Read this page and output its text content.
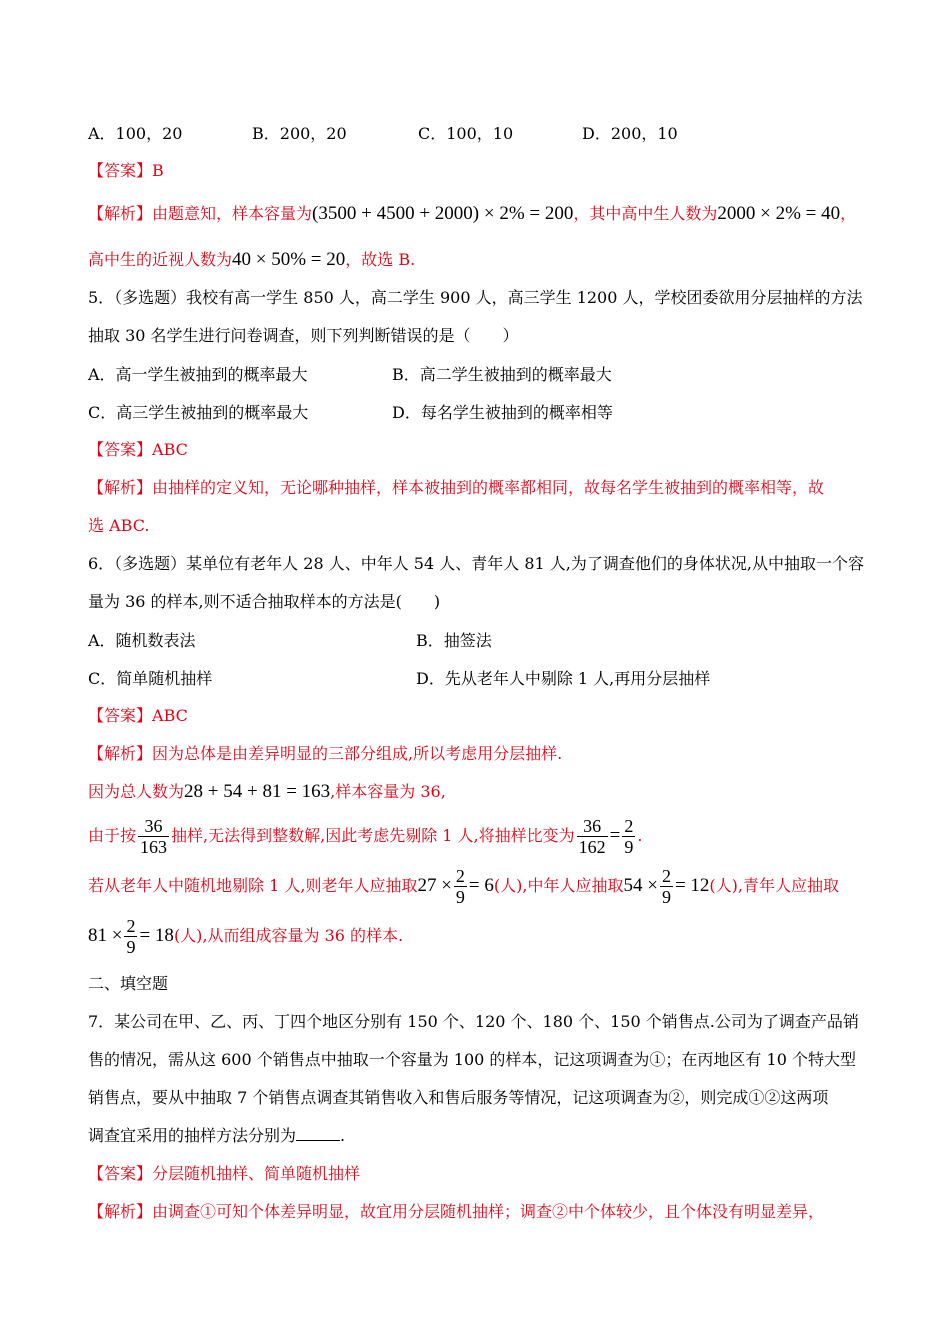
A．100，20	B．200，20	C．100，10	D．200，10
【答案】B
【解析】由题意知，样本容量为(3500 + 4500 + 2000) × 2% = 200，其中高中生人数为2000 × 2% = 40，
高中生的近视人数为40 × 50% = 20，故选 B.
5．（多选题）我校有高一学生 850 人，高二学生 900 人，高三学生 1200 人，学校团委欲用分层抽样的方法
抽取 30 名学生进行问卷调查，则下列判断错误的是（　　）
A．高一学生被抽到的概率最大	B．高二学生被抽到的概率最大
C．高三学生被抽到的概率最大	D．每名学生被抽到的概率相等
【答案】ABC
【解析】由抽样的定义知，无论哪种抽样，样本被抽到的概率都相同，故每名学生被抽到的概率相等，故
选 ABC.
6．（多选题）某单位有老年人 28 人、中年人 54 人、青年人 81 人,为了调查他们的身体状况,从中抽取一个容
量为 36 的样本,则不适合抽取样本的方法是(　　)
A．随机数表法	B．抽签法
C．简单随机抽样	D．先从老年人中剔除 1 人,再用分层抽样
【答案】ABC
【解析】因为总体是由差异明显的三部分组成,所以考虑用分层抽样.
因为总人数为28 + 54 + 81 = 163,样本容量为 36,
由于按 $\frac{36}{163}$ 抽样,无法得到整数解,因此考虑先剔除 1 人,将抽样比变为 $\frac{36}{162} = \frac{2}{9}$ .
若从老年人中随机地剔除 1 人,则老年人应抽取$27 \times \frac{2}{9} = 6$(人),中年人应抽取$54 \times \frac{2}{9} = 12$(人),青年人应抽取
$81 \times \frac{2}{9} = 18$(人),从而组成容量为 36 的样本.
二、填空题
7．某公司在甲、乙、丙、丁四个地区分别有 150 个、120 个、180 个、150 个销售点.公司为了调查产品销
售的情况，需从这 600 个销售点中抽取一个容量为 100 的样本，记这项调查为①；在丙地区有 10 个特大型
销售点，要从中抽取 7 个销售点调查其销售收入和售后服务等情况，记这项调查为②，则完成①②这两项
调查宜采用的抽样方法分别为	.
【答案】分层随机抽样、简单随机抽样
【解析】由调查①可知个体差异明显，故宜用分层随机抽样；调查②中个体较少，且个体没有明显差异，
